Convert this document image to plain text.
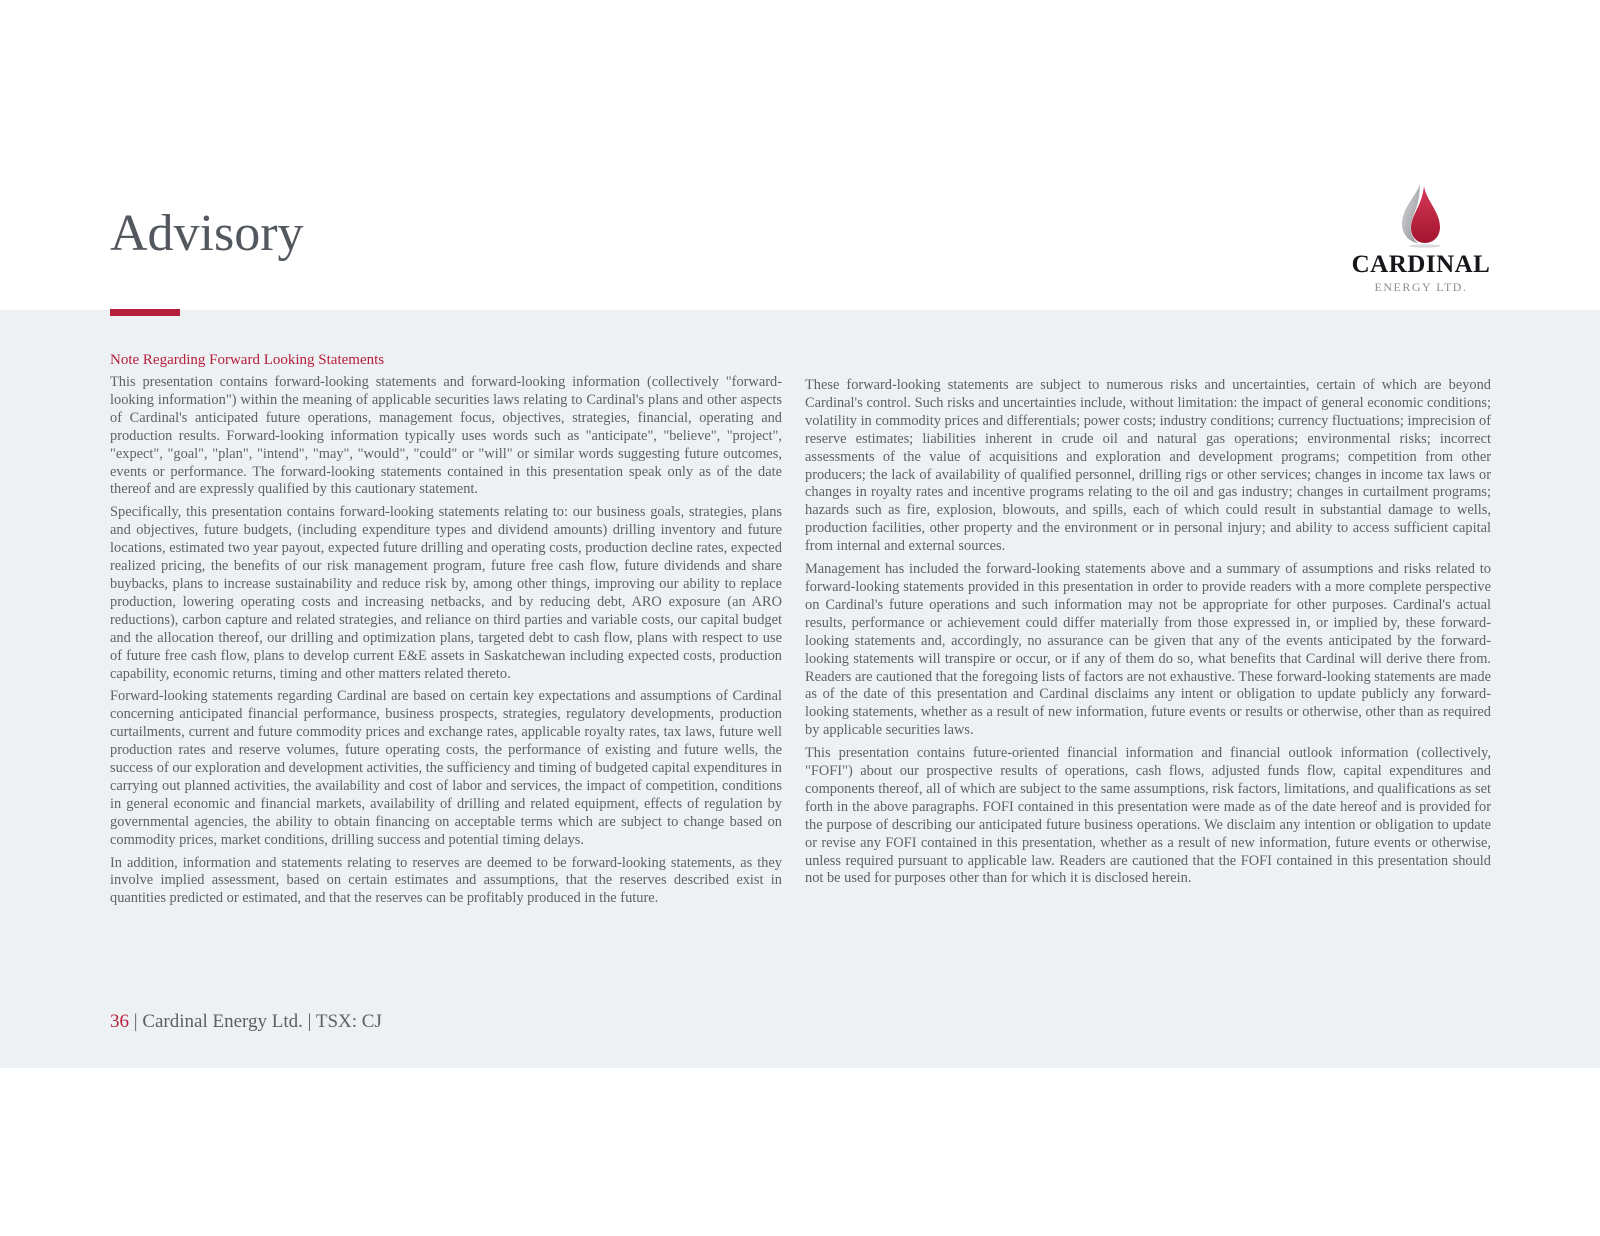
Advisory
CARDINAL
ENERGY LTD.
Note Regarding Forward Looking Statements

This presentation contains forward-looking statements and forward-looking information (collectively "forward-looking information") within the meaning of applicable securities laws relating to Cardinal's plans and other aspects of Cardinal's anticipated future operations, management focus, objectives, strategies, financial, operating and production results. Forward-looking information typically uses words such as "anticipate", "believe", "project", "expect", "goal", "plan", "intend", "may", "would", "could" or "will" or similar words suggesting future outcomes, events or performance. The forward-looking statements contained in this presentation speak only as of the date thereof and are expressly qualified by this cautionary statement.

Specifically, this presentation contains forward-looking statements relating to: our business goals, strategies, plans and objectives, future budgets, (including expenditure types and dividend amounts) drilling inventory and future locations, estimated two year payout, expected future drilling and operating costs, production decline rates, expected realized pricing, the benefits of our risk management program, future free cash flow, future dividends and share buybacks, plans to increase sustainability and reduce risk by, among other things, improving our ability to replace production, lowering operating costs and increasing netbacks, and by reducing debt, ARO exposure (an ARO reductions), carbon capture and related strategies, and reliance on third parties and variable costs, our capital budget and the allocation thereof, our drilling and optimization plans, targeted debt to cash flow, plans with respect to use of future free cash flow, plans to develop current E&E assets in Saskatchewan including expected costs, production capability, economic returns, timing and other matters related thereto.

Forward-looking statements regarding Cardinal are based on certain key expectations and assumptions of Cardinal concerning anticipated financial performance, business prospects, strategies, regulatory developments, production curtailments, current and future commodity prices and exchange rates, applicable royalty rates, tax laws, future well production rates and reserve volumes, future operating costs, the performance of existing and future wells, the success of our exploration and development activities, the sufficiency and timing of budgeted capital expenditures in carrying out planned activities, the availability and cost of labor and services, the impact of competition, conditions in general economic and financial markets, availability of drilling and related equipment, effects of regulation by governmental agencies, the ability to obtain financing on acceptable terms which are subject to change based on commodity prices, market conditions, drilling success and potential timing delays.

In addition, information and statements relating to reserves are deemed to be forward-looking statements, as they involve implied assessment, based on certain estimates and assumptions, that the reserves described exist in quantities predicted or estimated, and that the reserves can be profitably produced in the future.

These forward-looking statements are subject to numerous risks and uncertainties, certain of which are beyond Cardinal's control. Such risks and uncertainties include, without limitation: the impact of general economic conditions; volatility in commodity prices and differentials; power costs; industry conditions; currency fluctuations; imprecision of reserve estimates; liabilities inherent in crude oil and natural gas operations; environmental risks; incorrect assessments of the value of acquisitions and exploration and development programs; competition from other producers; the lack of availability of qualified personnel, drilling rigs or other services; changes in income tax laws or changes in royalty rates and incentive programs relating to the oil and gas industry; changes in curtailment programs; hazards such as fire, explosion, blowouts, and spills, each of which could result in substantial damage to wells, production facilities, other property and the environment or in personal injury; and ability to access sufficient capital from internal and external sources.

Management has included the forward-looking statements above and a summary of assumptions and risks related to forward-looking statements provided in this presentation in order to provide readers with a more complete perspective on Cardinal's future operations and such information may not be appropriate for other purposes. Cardinal's actual results, performance or achievement could differ materially from those expressed in, or implied by, these forward-looking statements and, accordingly, no assurance can be given that any of the events anticipated by the forward-looking statements will transpire or occur, or if any of them do so, what benefits that Cardinal will derive there from. Readers are cautioned that the foregoing lists of factors are not exhaustive. These forward-looking statements are made as of the date of this presentation and Cardinal disclaims any intent or obligation to update publicly any forward-looking statements, whether as a result of new information, future events or results or otherwise, other than as required by applicable securities laws.

This presentation contains future-oriented financial information and financial outlook information (collectively, "FOFI") about our prospective results of operations, cash flows, adjusted funds flow, capital expenditures and components thereof, all of which are subject to the same assumptions, risk factors, limitations, and qualifications as set forth in the above paragraphs. FOFI contained in this presentation were made as of the date hereof and is provided for the purpose of describing our anticipated future business operations. We disclaim any intention or obligation to update or revise any FOFI contained in this presentation, whether as a result of new information, future events or otherwise, unless required pursuant to applicable law. Readers are cautioned that the FOFI contained in this presentation should not be used for purposes other than for which it is disclosed herein.

36 | Cardinal Energy Ltd. | TSX: CJ
